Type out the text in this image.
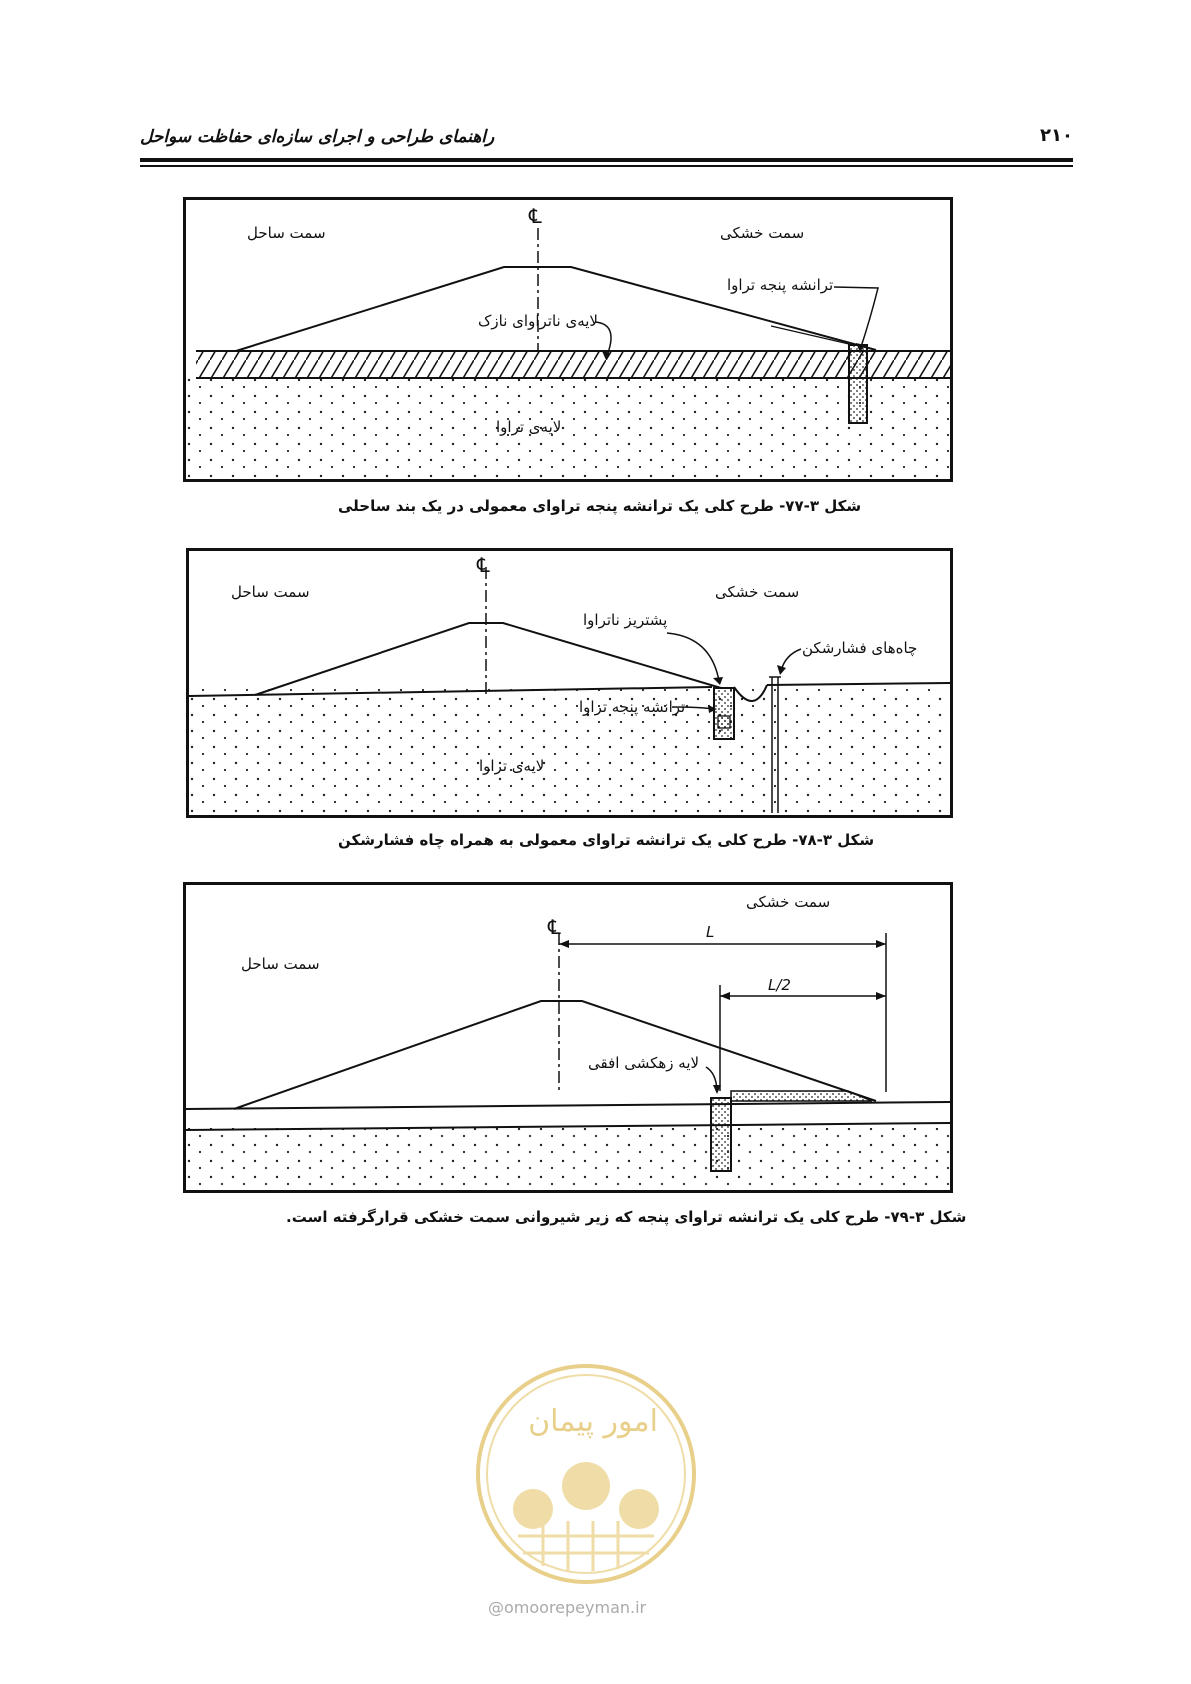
راهنمای طراحی و اجرای سازه‌ای حفاظت سواحل	۲۱۰
℄
سمت ساحل	سمت خشکی
ترانشه پنجه تراوا
لایه‌ی ناتراوای نازک
لایه‌ی تراوا
شکل ۳-۷۷- طرح کلی یک ترانشه پنجه تراوای معمولی در یک بند ساحلی
℄
سمت ساحل	سمت خشکی
پشتریز ناتراوا
چاه‌های فشارشکن
ترانشه پنجه تراوا
لایه‌ی تراوا
شکل ۳-۷۸- طرح کلی یک ترانشه تراوای معمولی به همراه چاه فشارشکن
℄
سمت ساحل
سمت خشکی
لایه زهکشی افقی
L
L/2
شکل ۳-۷۹- طرح کلی یک ترانشه تراوای پنجه که زیر شیروانی سمت خشکی قرارگرفته است.
امور پیمان
@omoorepeyman.ir
